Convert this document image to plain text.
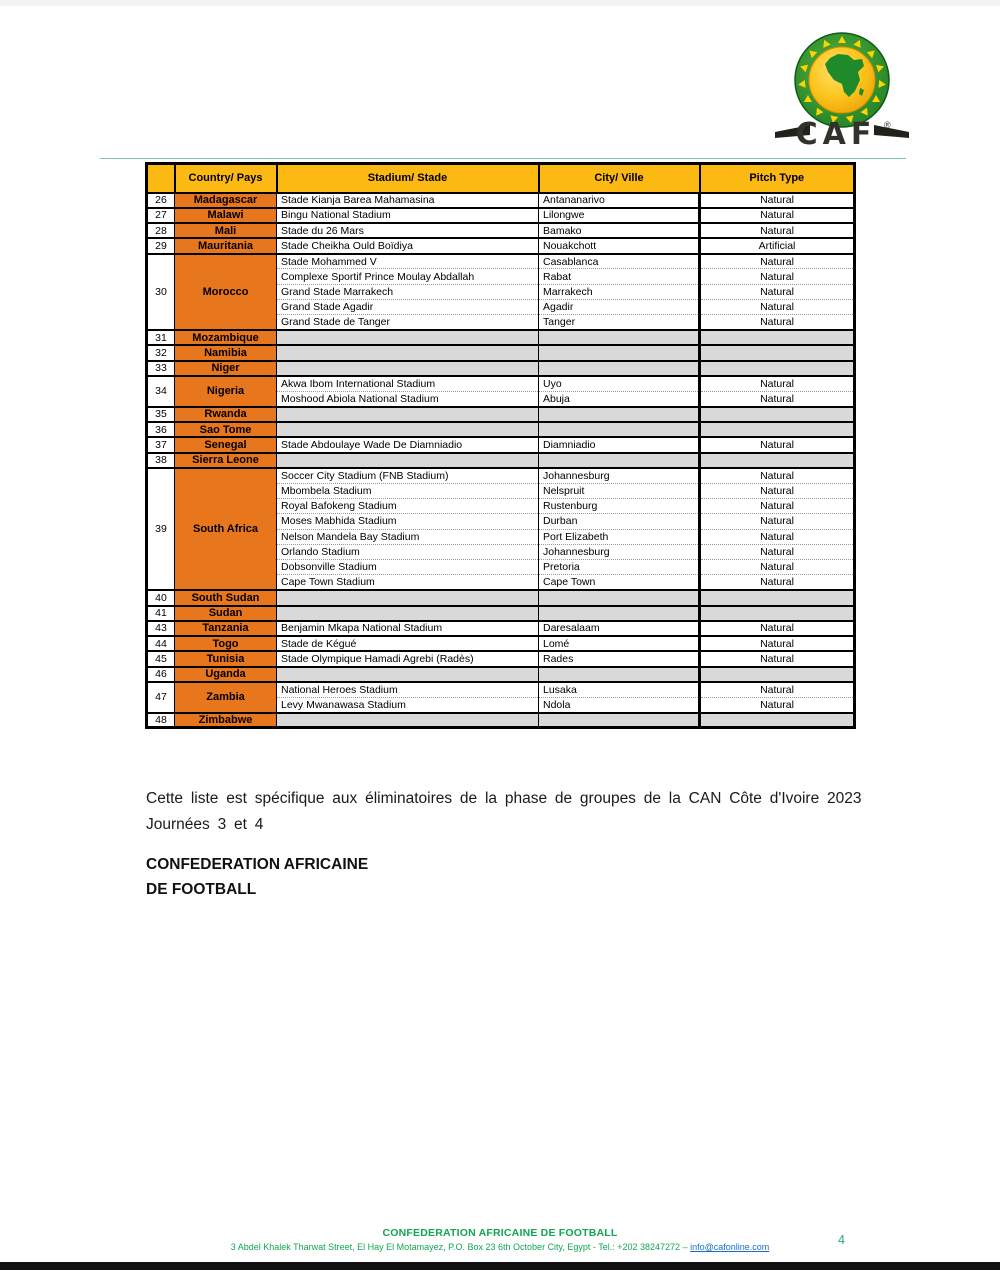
CAF ®
	Country/ Pays	Stadium/ Stade	City/ Ville	Pitch Type
26	Madagascar	Stade Kianja Barea Mahamasina	Antananarivo	Natural
27	Malawi	Bingu National Stadium	Lilongwe	Natural
28	Mali	Stade du 26 Mars	Bamako	Natural
29	Mauritania	Stade Cheikha Ould Boïdiya	Nouakchott	Artificial
30	Morocco	Stade Mohammed V	Casablanca	Natural
		Complexe Sportif Prince Moulay Abdallah	Rabat	Natural
		Grand Stade Marrakech	Marrakech	Natural
		Grand Stade Agadir	Agadir	Natural
		Grand Stade de Tanger	Tanger	Natural
31	Mozambique			
32	Namibia			
33	Niger			
34	Nigeria	Akwa Ibom International Stadium	Uyo	Natural
		Moshood Abiola National Stadium	Abuja	Natural
35	Rwanda			
36	Sao Tome			
37	Senegal	Stade Abdoulaye Wade De Diamniadio	Diamniadio	Natural
38	Sierra Leone			
39	South Africa	Soccer City Stadium (FNB Stadium)	Johannesburg	Natural
		Mbombela Stadium	Nelspruit	Natural
		Royal Bafokeng Stadium	Rustenburg	Natural
		Moses Mabhida Stadium	Durban	Natural
		Nelson Mandela Bay Stadium	Port Elizabeth	Natural
		Orlando Stadium	Johannesburg	Natural
		Dobsonville Stadium	Pretoria	Natural
		Cape Town Stadium	Cape Town	Natural
40	South Sudan			
41	Sudan			
43	Tanzania	Benjamin Mkapa National Stadium	Daresalaam	Natural
44	Togo	Stade de Kégué	Lomé	Natural
45	Tunisia	Stade Olympique Hamadi Agrebi (Radès)	Rades	Natural
46	Uganda			
47	Zambia	National Heroes Stadium	Lusaka	Natural
		Levy Mwanawasa Stadium	Ndola	Natural
48	Zimbabwe			
Cette liste est spécifique aux éliminatoires de la phase de groupes de la CAN Côte d'Ivoire 2023
Journées 3 et 4
CONFEDERATION AFRICAINE
DE FOOTBALL
CONFEDERATION AFRICAINE DE FOOTBALL
3 Abdel Khalek Tharwat Street, El Hay El Motamayez, P.O. Box 23 6th October City, Egypt - Tel.: +202 38247272 – info@cafonline.com	4
